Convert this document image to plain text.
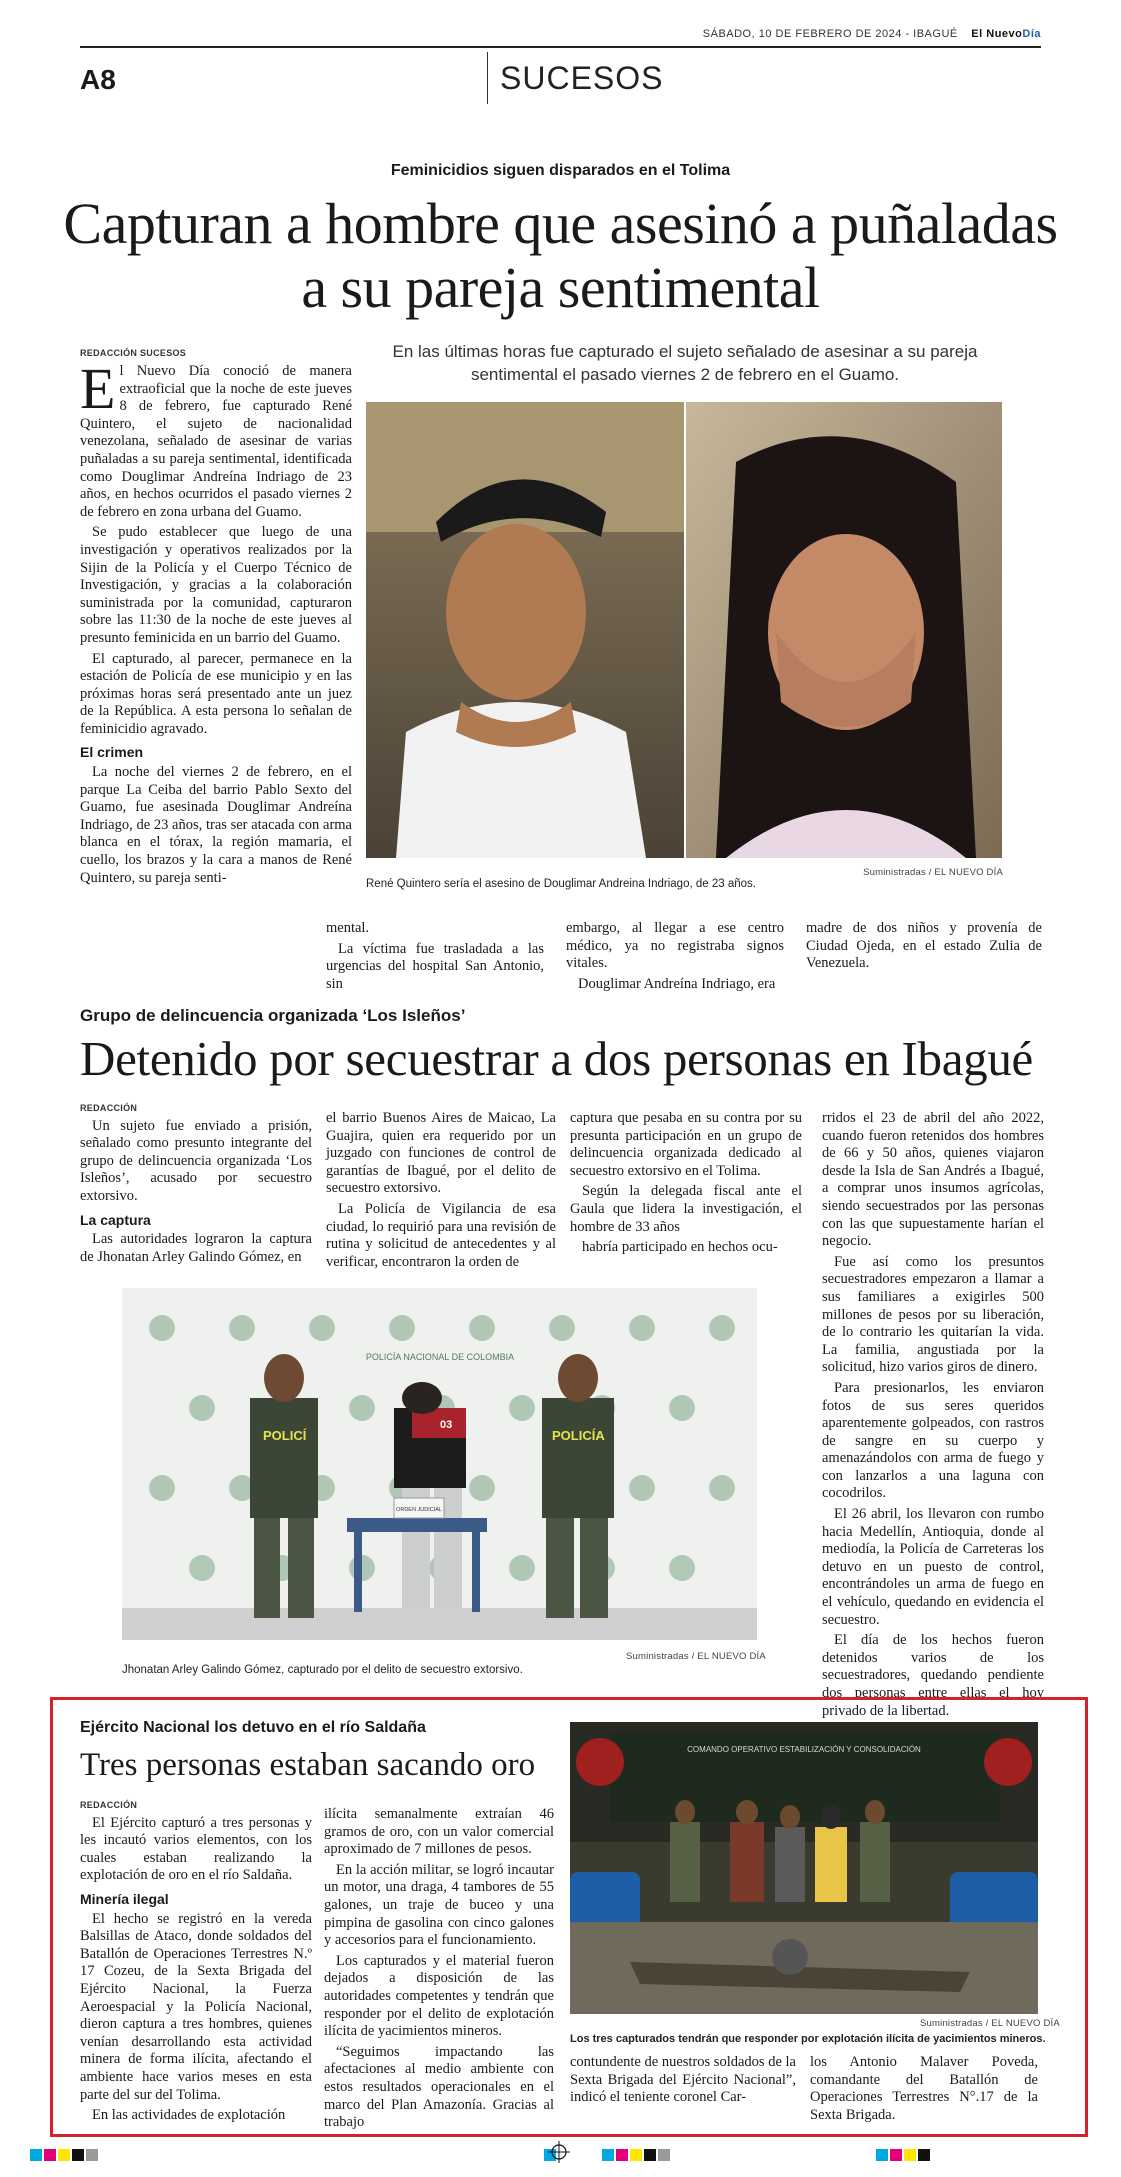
SÁBADO, 10 DE FEBRERO DE 2024 - IBAGUÉ El NuevoDía
A8	SUCESOS
Feminicidios siguen disparados en el Tolima
Capturan a hombre que asesinó a puñaladas a su pareja sentimental
En las últimas horas fue capturado el sujeto señalado de asesinar a su pareja sentimental el pasado viernes 2 de febrero en el Guamo.
REDACCIÓN SUCESOS

El Nuevo Día conoció de manera extraoficial que la noche de este jueves 8 de febrero, fue capturado René Quintero, el sujeto de nacionalidad venezolana, señalado de asesinar de varias puñaladas a su pareja sentimental, identificada como Douglimar Andreína Indriago de 23 años, en hechos ocurridos el pasado viernes 2 de febrero en zona urbana del Guamo.

Se pudo establecer que luego de una investigación y operativos realizados por la Sijin de la Policía y el Cuerpo Técnico de Investigación, y gracias a la colaboración suministrada por la comunidad, capturaron sobre las 11:30 de la noche de este jueves al presunto feminicida en un barrio del Guamo.

El capturado, al parecer, permanece en la estación de Policía de ese municipio y en las próximas horas será presentado ante un juez de la República. A esta persona lo señalan de feminicidio agravado.

El crimen

La noche del viernes 2 de febrero, en el parque La Ceiba del barrio Pablo Sexto del Guamo, fue asesinada Douglimar Andreína Indriago, de 23 años, tras ser atacada con arma blanca en el tórax, la región mamaria, el cuello, los brazos y la cara a manos de René Quintero, su pareja senti-	René Quintero sería el asesino de Douglimar Andreina Indriago, de 23 años.
Suministradas / EL NUEVO DÍA

mental.

La víctima fue trasladada a las urgencias del hospital San Antonio, sin

embargo, al llegar a ese centro médico, ya no registraba signos vitales.

Douglimar Andreína Indriago, era

madre de dos niños y provenía de Ciudad Ojeda, en el estado Zulia de Venezuela.

Grupo de delincuencia organizada ‘Los Isleños’
Detenido por secuestrar a dos personas en Ibagué
REDACCIÓN

Un sujeto fue enviado a prisión, señalado como presunto integrante del grupo de delincuencia organizada ‘Los Isleños’, acusado por secuestro extorsivo.

La captura

Las autoridades lograron la captura de Jhonatan Arley Galindo Gómez, en

el barrio Buenos Aires de Maicao, La Guajira, quien era requerido por un juzgado con funciones de control de garantías de Ibagué, por el delito de secuestro extorsivo.

La Policía de Vigilancia de esa ciudad, lo requirió para una revisión de rutina y solicitud de antecedentes y al verificar, encontraron la orden de

captura que pesaba en su contra por su presunta participación en un grupo de delincuencia organizada dedicado al secuestro extorsivo en el Tolima.

Según la delegada fiscal ante el Gaula que lidera la investigación, el hombre de 33 años

habría participado en hechos ocu-

rridos el 23 de abril del año 2022, cuando fueron retenidos dos hombres de 66 y 50 años, quienes viajaron desde la Isla de San Andrés a Ibagué, a comprar unos insumos agrícolas, siendo secuestrados por las personas con las que supuestamente harían el negocio.

Fue así como los presuntos secuestradores empezaron a llamar a sus familiares a exigirles 500 millones de pesos por su liberación, de lo contrario les quitarían la vida. La familia, angustiada por la solicitud, hizo varios giros de dinero.

Para presionarlos, les enviaron fotos de sus seres queridos aparentemente golpeados, con rastros de sangre en su cuerpo y amenazándolos con arma de fuego y con lanzarlos a una laguna con cocodrilos.

El 26 abril, los llevaron con rumbo hacia Medellín, Antioquia, donde al mediodía, la Policía de Carreteras los detuvo en un puesto de control, encontrándoles un arma de fuego en el vehículo, quedando en evidencia el secuestro.

El día de los hechos fueron detenidos varios de los secuestradores, quedando pendiente dos personas entre ellas el hoy privado de la libertad.

POLICÍA NACIONAL DE COLOMBIA
POLICÍ
03
ORDEN JUDICIAL
POLICÍA
Jhonatan Arley Galindo Gómez, capturado por el delito de secuestro extorsivo.
Suministradas / EL NUEVO DÍA
Ejército Nacional los detuvo en el río Saldaña
Tres personas estaban sacando oro
REDACCIÓN

El Ejército capturó a tres personas y les incautó varios elementos, con los cuales estaban realizando la explotación de oro en el río Saldaña.

Minería ilegal

El hecho se registró en la vereda Balsillas de Ataco, donde soldados del Batallón de Operaciones Terrestres N.º 17 Cozeu, de la Sexta Brigada del Ejército Nacional, la Fuerza Aeroespacial y la Policía Nacional, dieron captura a tres hombres, quienes venían desarrollando esta actividad minera de forma ilícita, afectando el ambiente hace varios meses en esta parte del sur del Tolima.

En las actividades de explotación

ilícita semanalmente extraían 46 gramos de oro, con un valor comercial aproximado de 7 millones de pesos.

En la acción militar, se logró incautar un motor, una draga, 4 tambores de 55 galones, un traje de buceo y una pimpina de gasolina con cinco galones y accesorios para el funcionamiento.

Los capturados y el material fueron dejados a disposición de las autoridades competentes y tendrán que responder por el delito de explotación ilícita de yacimientos mineros.

“Seguimos impactando las afectaciones al medio ambiente con estos resultados operacionales en el marco del Plan Amazonía. Gracias al trabajo

COMANDO OPERATIVO ESTABILIZACIÓN Y CONSOLIDACIÓN
Suministradas / EL NUEVO DÍA
Los tres capturados tendrán que responder por explotación ilícita de yacimientos mineros.

contundente de nuestros soldados de la Sexta Brigada del Ejército Nacional”, indicó el teniente coronel Car-

los Antonio Malaver Poveda, comandante del Batallón de Operaciones Terrestres N°.17 de la Sexta Brigada.
